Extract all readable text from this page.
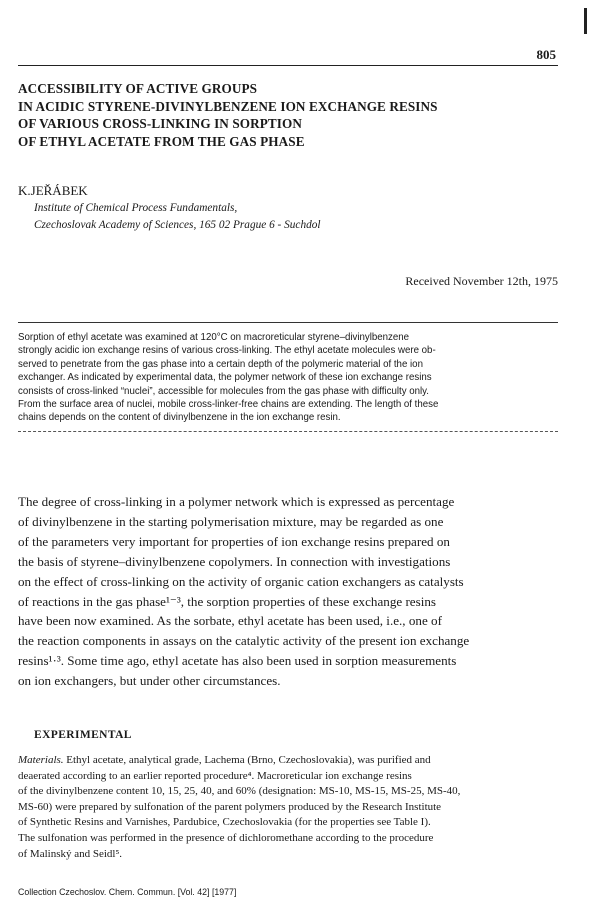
805
ACCESSIBILITY OF ACTIVE GROUPS
IN ACIDIC STYRENE-DIVINYLBENZENE ION EXCHANGE RESINS
OF VARIOUS CROSS-LINKING IN SORPTION
OF ETHYL ACETATE FROM THE GAS PHASE
K.JEŘÁBEK
Institute of Chemical Process Fundamentals,
Czechoslovak Academy of Sciences, 165 02 Prague 6 - Suchdol
Received November 12th, 1975
Sorption of ethyl acetate was examined at 120°C on macroreticular styrene–divinylbenzene
strongly acidic ion exchange resins of various cross-linking. The ethyl acetate molecules were ob-
served to penetrate from the gas phase into a certain depth of the polymeric material of the ion
exchanger. As indicated by experimental data, the polymer network of these ion exchange resins
consists of cross-linked “nuclei”, accessible for molecules from the gas phase with difficulty only.
From the surface area of nuclei, mobile cross-linker-free chains are extending. The length of these
chains depends on the content of divinylbenzene in the ion exchange resin.
The degree of cross-linking in a polymer network which is expressed as percentage
of divinylbenzene in the starting polymerisation mixture, may be regarded as one
of the parameters very important for properties of ion exchange resins prepared on
the basis of styrene–divinylbenzene copolymers. In connection with investigations
on the effect of cross-linking on the activity of organic cation exchangers as catalysts
of reactions in the gas phase¹⁻³, the sorption properties of these exchange resins
have been now examined. As the sorbate, ethyl acetate has been used, i.e., one of
the reaction components in assays on the catalytic activity of the present ion exchange
resins¹·³. Some time ago, ethyl acetate has also been used in sorption measurements
on ion exchangers, but under other circumstances.
EXPERIMENTAL
Materials. Ethyl acetate, analytical grade, Lachema (Brno, Czechoslovakia), was purified and
deaerated according to an earlier reported procedure⁴. Macroreticular ion exchange resins
of the divinylbenzene content 10, 15, 25, 40, and 60% (designation: MS-10, MS-15, MS-25, MS-40,
MS-60) were prepared by sulfonation of the parent polymers produced by the Research Institute
of Synthetic Resins and Varnishes, Pardubice, Czechoslovakia (for the properties see Table I).
The sulfonation was performed in the presence of dichloromethane according to the procedure
of Malinský and Seidl⁵.
Collection Czechoslov. Chem. Commun. [Vol. 42] [1977]
